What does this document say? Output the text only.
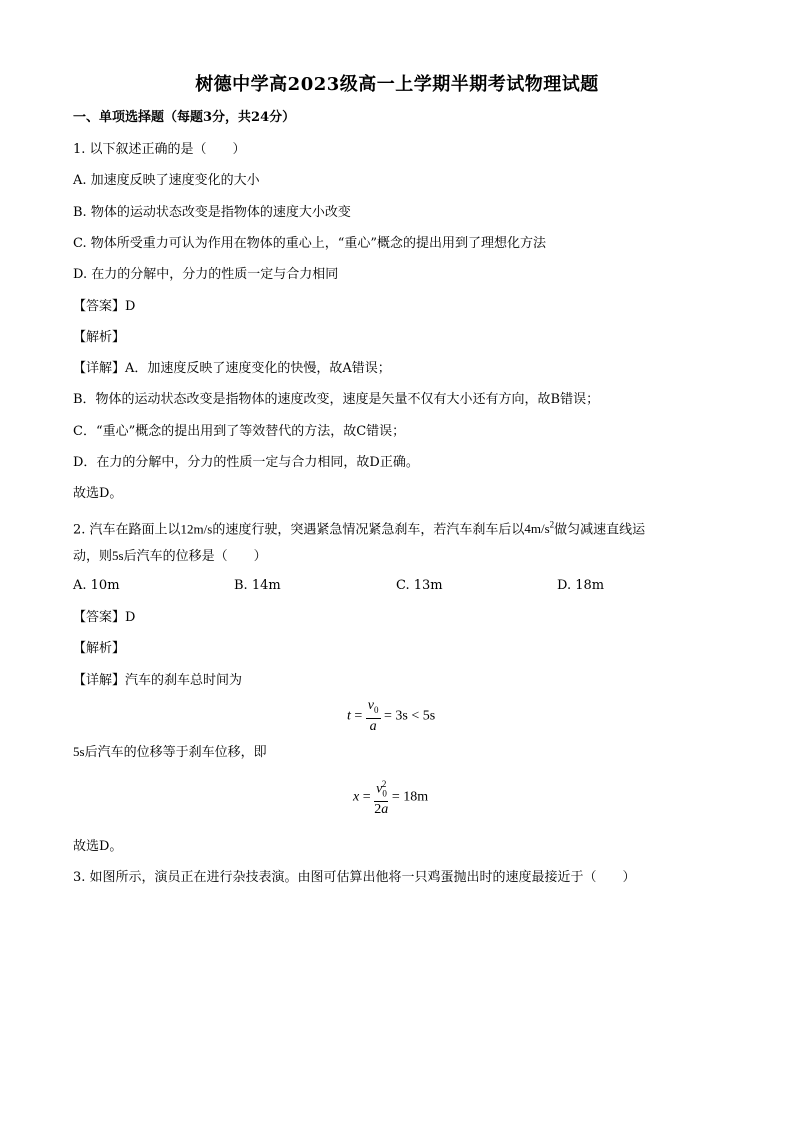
树德中学高2023级高一上学期半期考试物理试题
一、单项选择题（每题3分，共24分）
1. 以下叙述正确的是（　　）
A. 加速度反映了速度变化的大小
B. 物体的运动状态改变是指物体的速度大小改变
C. 物体所受重力可认为作用在物体的重心上，“重心”概念的提出用到了理想化方法
D. 在力的分解中，分力的性质一定与合力相同
【答案】D
【解析】
【详解】A．加速度反映了速度变化的快慢，故A错误；
B．物体的运动状态改变是指物体的速度改变，速度是矢量不仅有大小还有方向，故B错误；
C．“重心”概念的提出用到了等效替代的方法，故C错误；
D．在力的分解中，分力的性质一定与合力相同，故D正确。
故选D。
2. 汽车在路面上以12m/s的速度行驶，突遇紧急情况紧急刹车，若汽车刹车后以$4m/s^2$做匀减速直线运
动，则5s后汽车的位移是（　　）
A. 10m	B. 14m	C. 13m	D. 18m
【答案】D
【解析】
【详解】汽车的刹车总时间为
$t = \frac{v_0}{a} = 3s < 5s$
5s后汽车的位移等于刹车位移，即
$x = \frac{v_0^2}{2a} = 18m$
故选D。
3. 如图所示，演员正在进行杂技表演。由图可估算出他将一只鸡蛋抛出时的速度最接近于（　　）
